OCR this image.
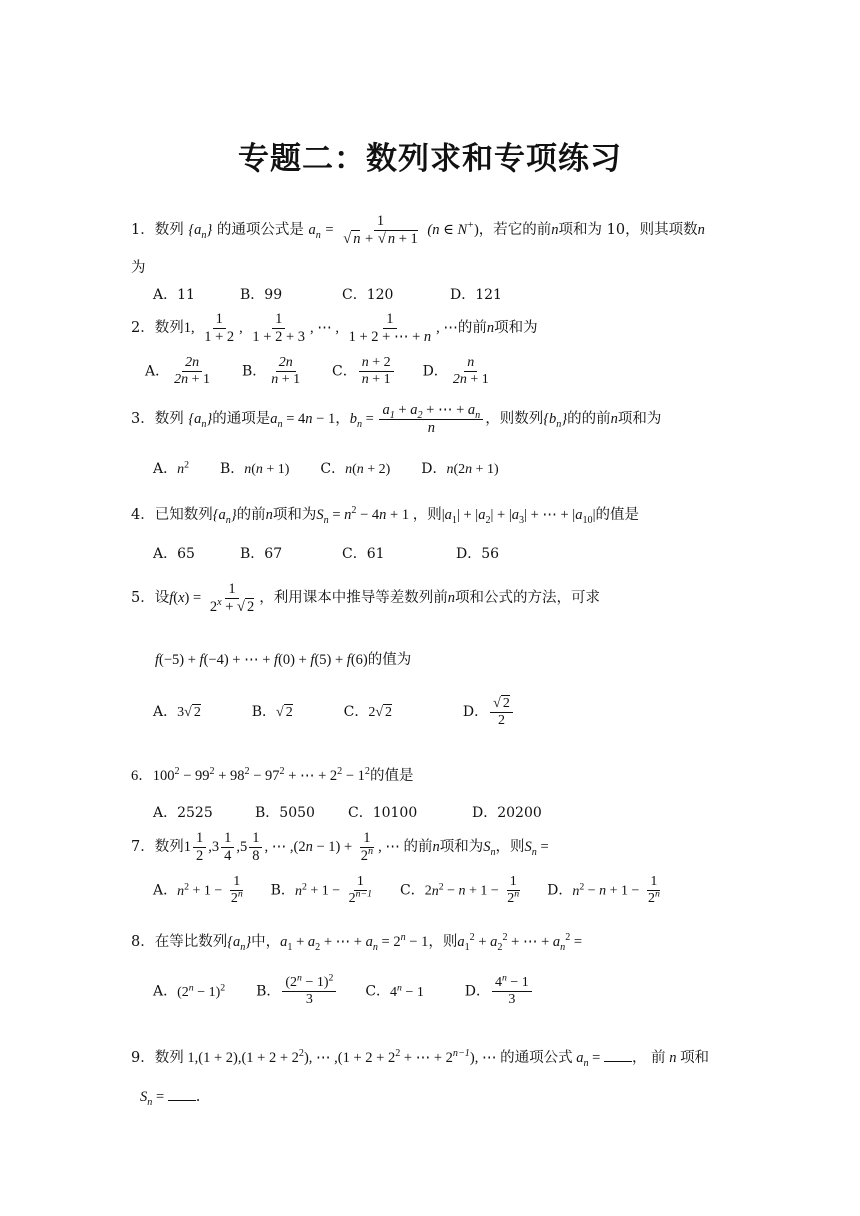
专题二：数列求和专项练习
1．数列 $\{a_n\}$ 的通项公式是 $a_n = \frac{1}{√ n + √ n + 1} (n$ ∈ N+)，若它的前n项和为 10，则其项数n
为
A．11	B．99	C．120	D．121
2．数列1, $\frac{1}{1 + 2}$ , $\frac{1}{1 + 2 + 3}$ , ⋯ , $\frac{1}{1 + 2 + \cdots + n}$ , ⋯的前n项和为
A． $\frac{2n}{2n + 1}$ B． $\frac{2n}{n + 1}$ C． $\frac{n + 2}{n + 1}$ D． $\frac{n}{2n + 1}$
3．数列 $\{a_n\}$的通项是$a_n = 4n - 1$，$b_n = \frac{a_1 + a_2 + \cdots + a_n}{n}$ ，则数列$\{b_n\}$的的前n项和为
A．$n^2$ B．n(n + 1) C．n(n + 2) D．n(2n + 1)
4．已知数列$\{a_n\}$的前n项和为$S_n = n^2 - 4n + 1$ ，则$|a_1| + |a_2| + |a_3|$ + ⋯ + $|a_{10}|$的值是
A．65	B．67	C．61	D．56
5．设$f(x) = \frac{1}{2^x + √ 2}$ ，利用课本中推导等差数列前n项和公式的方法，可求
f(−5) + f(−4) + ⋯ + f(0) + f(5) + f(6)的值为
A．3√ 2	B．√ 2	C．2√ 2	D． $\frac{√ 2}{2}$
6．$100^2 - 99^2 + 98^2 - 97^2$ + ⋯ + $2^2 - 1^2$的值是
A．2525	B．5050 C．10100	D．20200
7．数列$1 \frac{1}{2} ,3 \frac{1}{4} ,5 \frac{1}{8}$ , ⋯ $,(2n - 1) + \frac{1}{2^n}$ , ⋯ 的前n项和为$S_n$，则$S_n$ =
A．$n^2 + 1 - \frac{1}{2^n}$ B．$n^2 + 1 - \frac{1}{2^{n-1}}$ C．$2n^2 - n + 1 - \frac{1}{2^n}$ D．$n^2 - n + 1 - \frac{1}{2^n}$
8．在等比数列$\{a_n\}$中，$a_1 + a_2$ + ⋯ + $a_n = 2^n - 1$，则$a_1^2 + a_2^2$ + ⋯ + $a_n^2$ =
A．$(2^n - 1)^2$ B． $\frac{(2^n - 1)^2}{3}$ C．$4^n - 1$	D． $\frac{4^n - 1}{3}$
9．数列 $1,(1 + 2),(1 + 2 + 2^2)$, ⋯ $,(1 + 2 + 2^2$ + ⋯ + $2^{n-1}$), ⋯ 的通项公式 $a_n$ = ， 前 n 项和
$S_n$ = .
